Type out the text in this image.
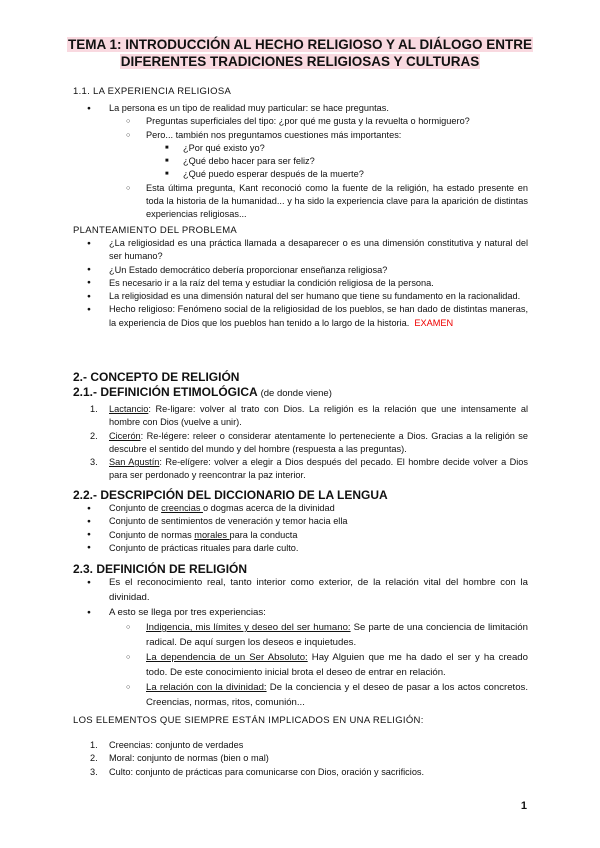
TEMA 1: INTRODUCCIÓN AL HECHO RELIGIOSO Y AL DIÁLOGO ENTRE
DIFERENTES TRADICIONES RELIGIOSAS Y CULTURAS
1.1. LA EXPERIENCIA RELIGIOSA
● La persona es un tipo de realidad muy particular: se hace preguntas.
○ Preguntas superficiales del tipo: ¿por qué me gusta y la revuelta o hormiguero?
○ Pero... también nos preguntamos cuestiones más importantes:
■ ¿Por qué existo yo?
■ ¿Qué debo hacer para ser feliz?
■ ¿Qué puedo esperar después de la muerte?
○ Esta última pregunta, Kant reconoció como la fuente de la religión, ha estado presente en toda la historia de la humanidad... y ha sido la experiencia clave para la aparición de distintas experiencias religiosas...
PLANTEAMIENTO DEL PROBLEMA
● ¿La religiosidad es una práctica llamada a desaparecer o es una dimensión constitutiva y natural del ser humano?
● ¿Un Estado democrático debería proporcionar enseñanza religiosa?
● Es necesario ir a la raíz del tema y estudiar la condición religiosa de la persona.
● La religiosidad es una dimensión natural del ser humano que tiene su fundamento en la racionalidad.
● Hecho religioso: Fenómeno social de la religiosidad de los pueblos, se han dado de distintas maneras, la experiencia de Dios que los pueblos han tenido a lo largo de la historia. EXAMEN
2.- CONCEPTO DE RELIGIÓN
2.1.- DEFINICIÓN ETIMOLÓGICA (de donde viene)
1. Lactancio: Re-ligare: volver al trato con Dios. La religión es la relación que une intensamente al hombre con Dios (vuelve a unir).
2. Cicerón: Re-légere: releer o considerar atentamente lo perteneciente a Dios. Gracias a la religión se descubre el sentido del mundo y del hombre (respuesta a las preguntas).
3. San Agustín: Re-elígere: volver a elegir a Dios después del pecado. El hombre decide volver a Dios para ser perdonado y reencontrar la paz interior.
2.2.- DESCRIPCIÓN DEL DICCIONARIO DE LA LENGUA
● Conjunto de creencias o dogmas acerca de la divinidad
● Conjunto de sentimientos de veneración y temor hacia ella
● Conjunto de normas morales para la conducta
● Conjunto de prácticas rituales para darle culto.
2.3. DEFINICIÓN DE RELIGIÓN
● Es el reconocimiento real, tanto interior como exterior, de la relación vital del hombre con la divinidad.
● A esto se llega por tres experiencias:
○ Indigencia, mis límites y deseo del ser humano: Se parte de una conciencia de limitación radical. De aquí surgen los deseos e inquietudes.
○ La dependencia de un Ser Absoluto: Hay Alguien que me ha dado el ser y ha creado todo. De este conocimiento inicial brota el deseo de entrar en relación.
○ La relación con la divinidad: De la conciencia y el deseo de pasar a los actos concretos. Creencias, normas, ritos, comunión...
LOS ELEMENTOS QUE SIEMPRE ESTÁN IMPLICADOS EN UNA RELIGIÓN:
1. Creencias: conjunto de verdades
2. Moral: conjunto de normas (bien o mal)
3. Culto: conjunto de prácticas para comunicarse con Dios, oración y sacrificios.
1
